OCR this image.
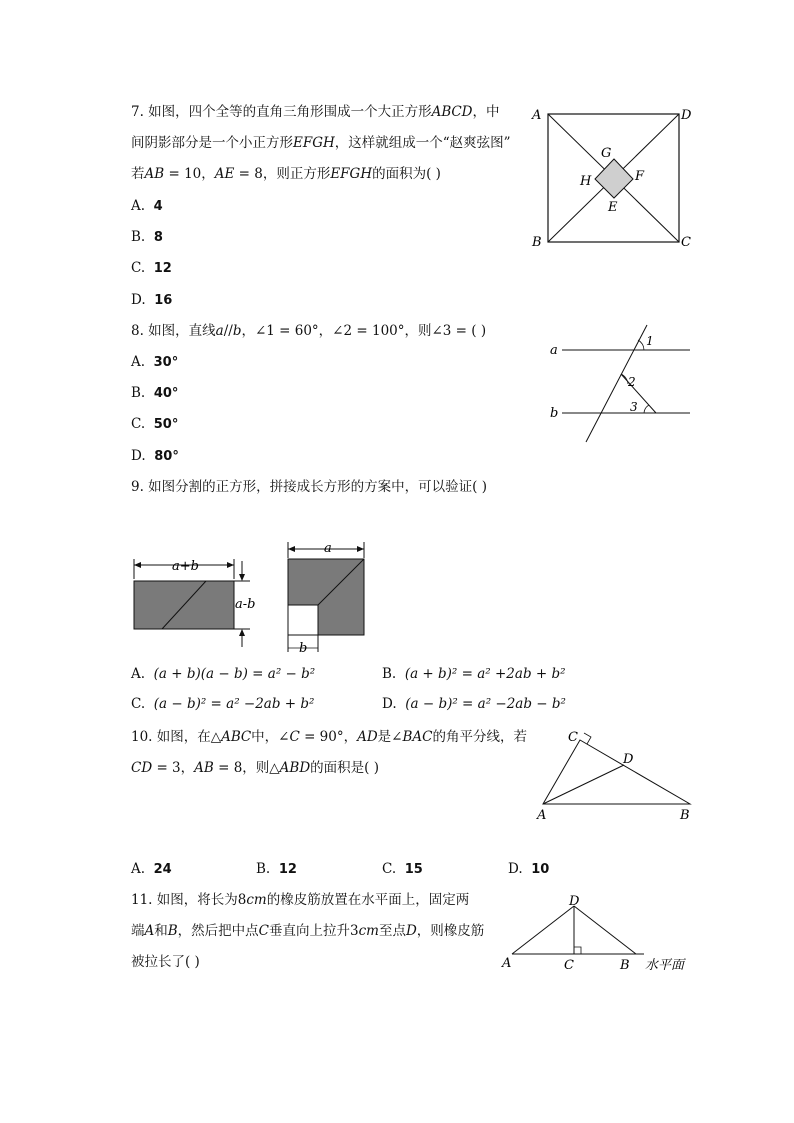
7. 如图，四个全等的直角三角形围成一个大正方形𝐴𝐵𝐶𝐷，中
间阴影部分是一个小正方形𝐸𝐹𝐺𝐻，这样就组成一个“赵爽弦图”
若𝐴𝐵 = 10，𝐴𝐸 = 8，则正方形𝐸𝐹𝐺𝐻的面积为( )
A. 4
B. 8
C. 12
D. 16
A	D
B	C
G
F
H
E
8. 如图，直线𝑎//𝑏，∠1 = 60°，∠2 = 100°，则∠3 = ( )
A. 30°
B. 40°
C. 50°
D. 80°
a
b
1
2
3
9. 如图分割的正方形，拼接成长方形的方案中，可以验证( )
a+b
a-b
a
b
A. (𝑎 + 𝑏)(𝑎 − 𝑏) = 𝑎² − 𝑏²	B. (𝑎 + 𝑏)² = 𝑎² +2𝑎𝑏 + 𝑏²
C. (𝑎 − 𝑏)² = 𝑎² −2𝑎𝑏 + 𝑏²	D. (𝑎 − 𝑏)² = 𝑎² −2𝑎𝑏 − 𝑏²
10. 如图，在△𝐴𝐵𝐶中，∠𝐶 = 90°，𝐴𝐷是∠𝐵𝐴𝐶的角平分线，若
𝐶𝐷 = 3，𝐴𝐵 = 8，则△𝐴𝐵𝐷的面积是( )
C
D
A	B
A. 24	B. 12	C. 15	D. 10
11. 如图，将长为8𝑐𝑚的橡皮筋放置在水平面上，固定两
端𝐴和𝐵，然后把中点𝐶垂直向上拉升3𝑐𝑚至点𝐷，则橡皮筋
被拉长了( )
D
A	C	B 水平面
